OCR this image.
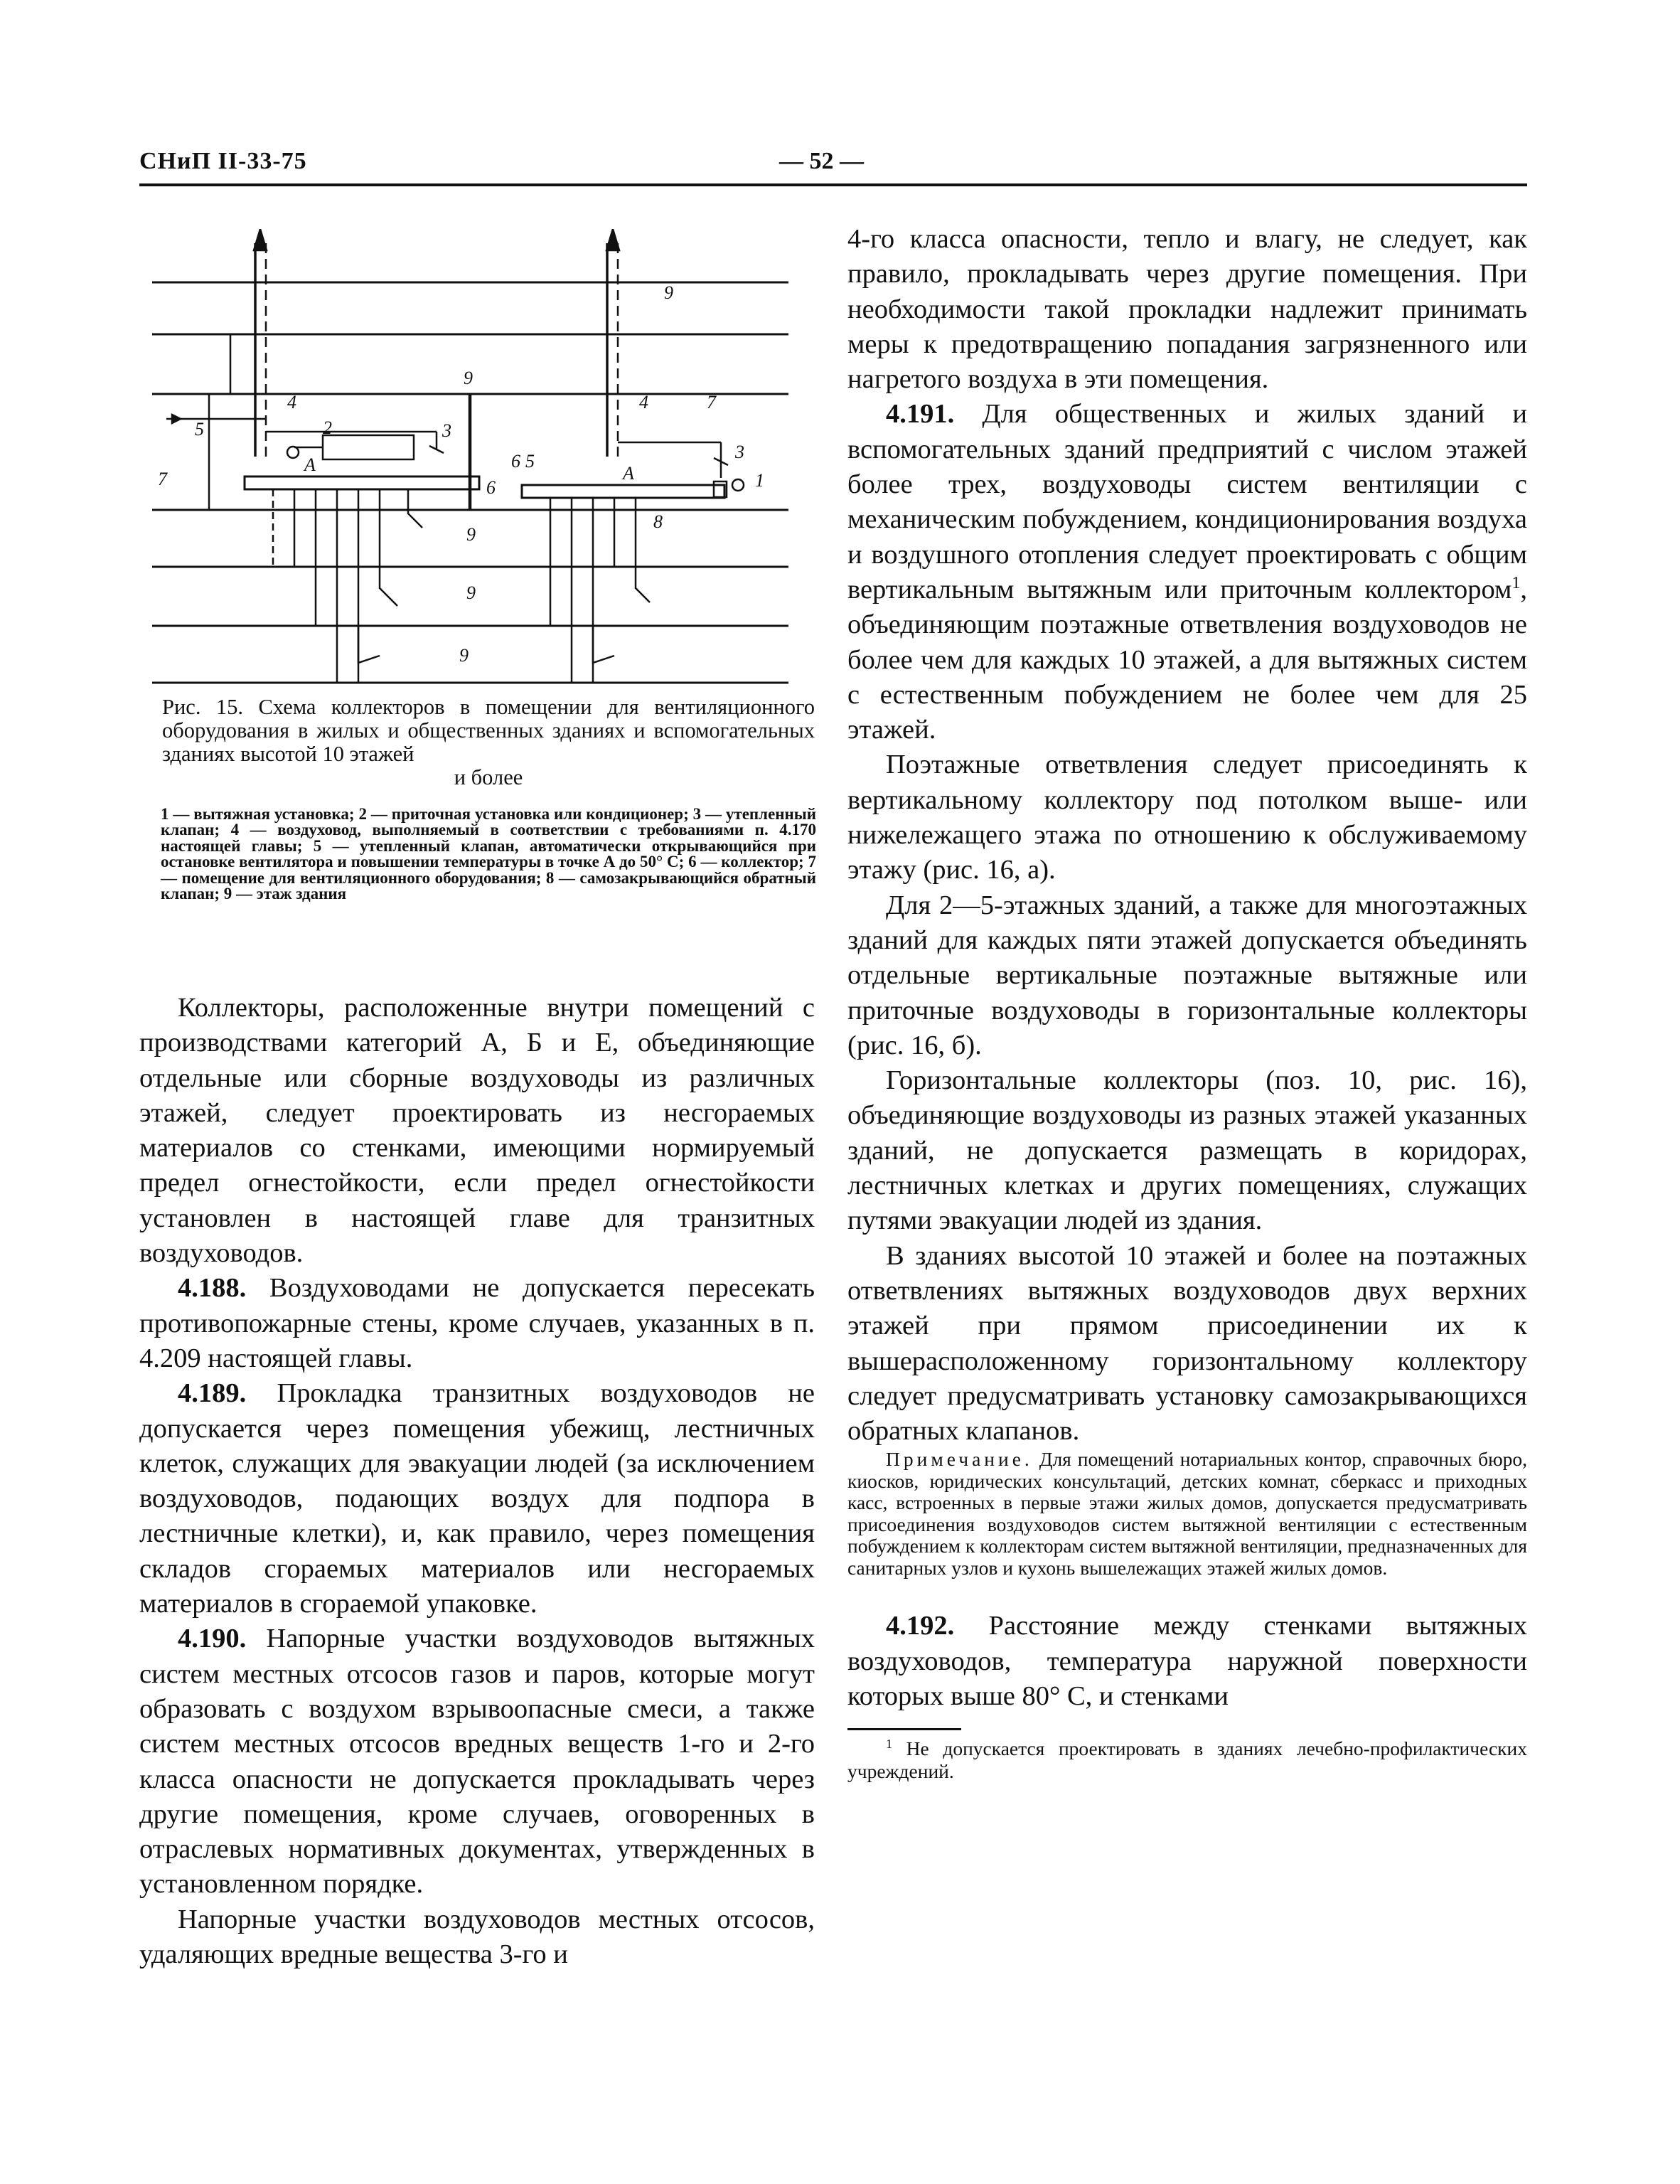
СНиП II-33-75	— 52 —
4	4
7
7
5
5
6
6
3
3
2
1
9
9
9
9
9
А	А
8

Рис. 15. Схема коллекторов в помещении для вентиляционного оборудования в жилых и общественных зданиях и вспомогательных зданиях высотой 10 этажей

и более

1 — вытяжная установка; 2 — приточная установка или кондиционер; 3 — утепленный клапан; 4 — воздуховод, выполняемый в соответствии с требованиями п. 4.170 настоящей главы; 5 — утепленный клапан, автоматически открывающийся при остановке вентилятора и повышении температуры в точке А до 50° С; 6 — коллектор; 7 — помещение для вентиляционного оборудования; 8 — самозакрывающийся обратный клапан; 9 — этаж здания

Коллекторы, расположенные внутри помещений с производствами категорий А, Б и Е, объединяющие отдельные или сборные воздуховоды из различных этажей, следует проектировать из несгораемых материалов со стенками, имеющими нормируемый предел огнестойкости, если предел огнестойкости установлен в настоящей главе для транзитных воздуховодов.

4.188. Воздуховодами не допускается пересекать противопожарные стены, кроме случаев, указанных в п. 4.209 настоящей главы.

4.189. Прокладка транзитных воздуховодов не допускается через помещения убежищ, лестничных клеток, служащих для эвакуации людей (за исключением воздуховодов, подающих воздух для подпора в лестничные клетки), и, как правило, через помещения складов сгораемых материалов или несгораемых материалов в сгораемой упаковке.

4.190. Напорные участки воздуховодов вытяжных систем местных отсосов газов и паров, которые могут образовать с воздухом взрывоопасные смеси, а также систем местных отсосов вредных веществ 1-го и 2-го класса опасности не допускается прокладывать через другие помещения, кроме случаев, оговоренных в отраслевых нормативных документах, утвержденных в установленном порядке.

Напорные участки воздуховодов местных отсосов, удаляющих вредные вещества 3-го и

4-го класса опасности, тепло и влагу, не следует, как правило, прокладывать через другие помещения. При необходимости такой прокладки надлежит принимать меры к предотвращению попадания загрязненного или нагретого воздуха в эти помещения.

4.191. Для общественных и жилых зданий и вспомогательных зданий предприятий с числом этажей более трех, воздуховоды систем вентиляции с механическим побуждением, кондиционирования воздуха и воздушного отопления следует проектировать с общим вертикальным вытяжным или приточным коллектором$^1$, объединяющим поэтажные ответвления воздуховодов не более чем для каждых 10 этажей, а для вытяжных систем с естественным побуждением не более чем для 25 этажей.

Поэтажные ответвления следует присоединять к вертикальному коллектору под потолком выше- или нижележащего этажа по отношению к обслуживаемому этажу (рис. 16, а).

Для 2—5-этажных зданий, а также для многоэтажных зданий для каждых пяти этажей допускается объединять отдельные вертикальные поэтажные вытяжные или приточные воздуховоды в горизонтальные коллекторы (рис. 16, б).

Горизонтальные коллекторы (поз. 10, рис. 16), объединяющие воздуховоды из разных этажей указанных зданий, не допускается размещать в коридорах, лестничных клетках и других помещениях, служащих путями эвакуации людей из здания.

В зданиях высотой 10 этажей и более на поэтажных ответвлениях вытяжных воздуховодов двух верхних этажей при прямом присоединении их к вышерасположенному горизонтальному коллектору следует предусматривать установку самозакрывающихся обратных клапанов.

Примечание. Для помещений нотариальных контор, справочных бюро, киосков, юридических консультаций, детских комнат, сберкасс и приходных касс, встроенных в первые этажи жилых домов, допускается предусматривать присоединения воздуховодов систем вытяжной вентиляции с естественным побуждением к коллекторам систем вытяжной вентиляции, предназначенных для санитарных узлов и кухонь вышележащих этажей жилых домов.

4.192. Расстояние между стенками вытяжных воздуховодов, температура наружной поверхности которых выше 80° С, и стенками

$^1$ Не допускается проектировать в зданиях лечебно-профилактических учреждений.
